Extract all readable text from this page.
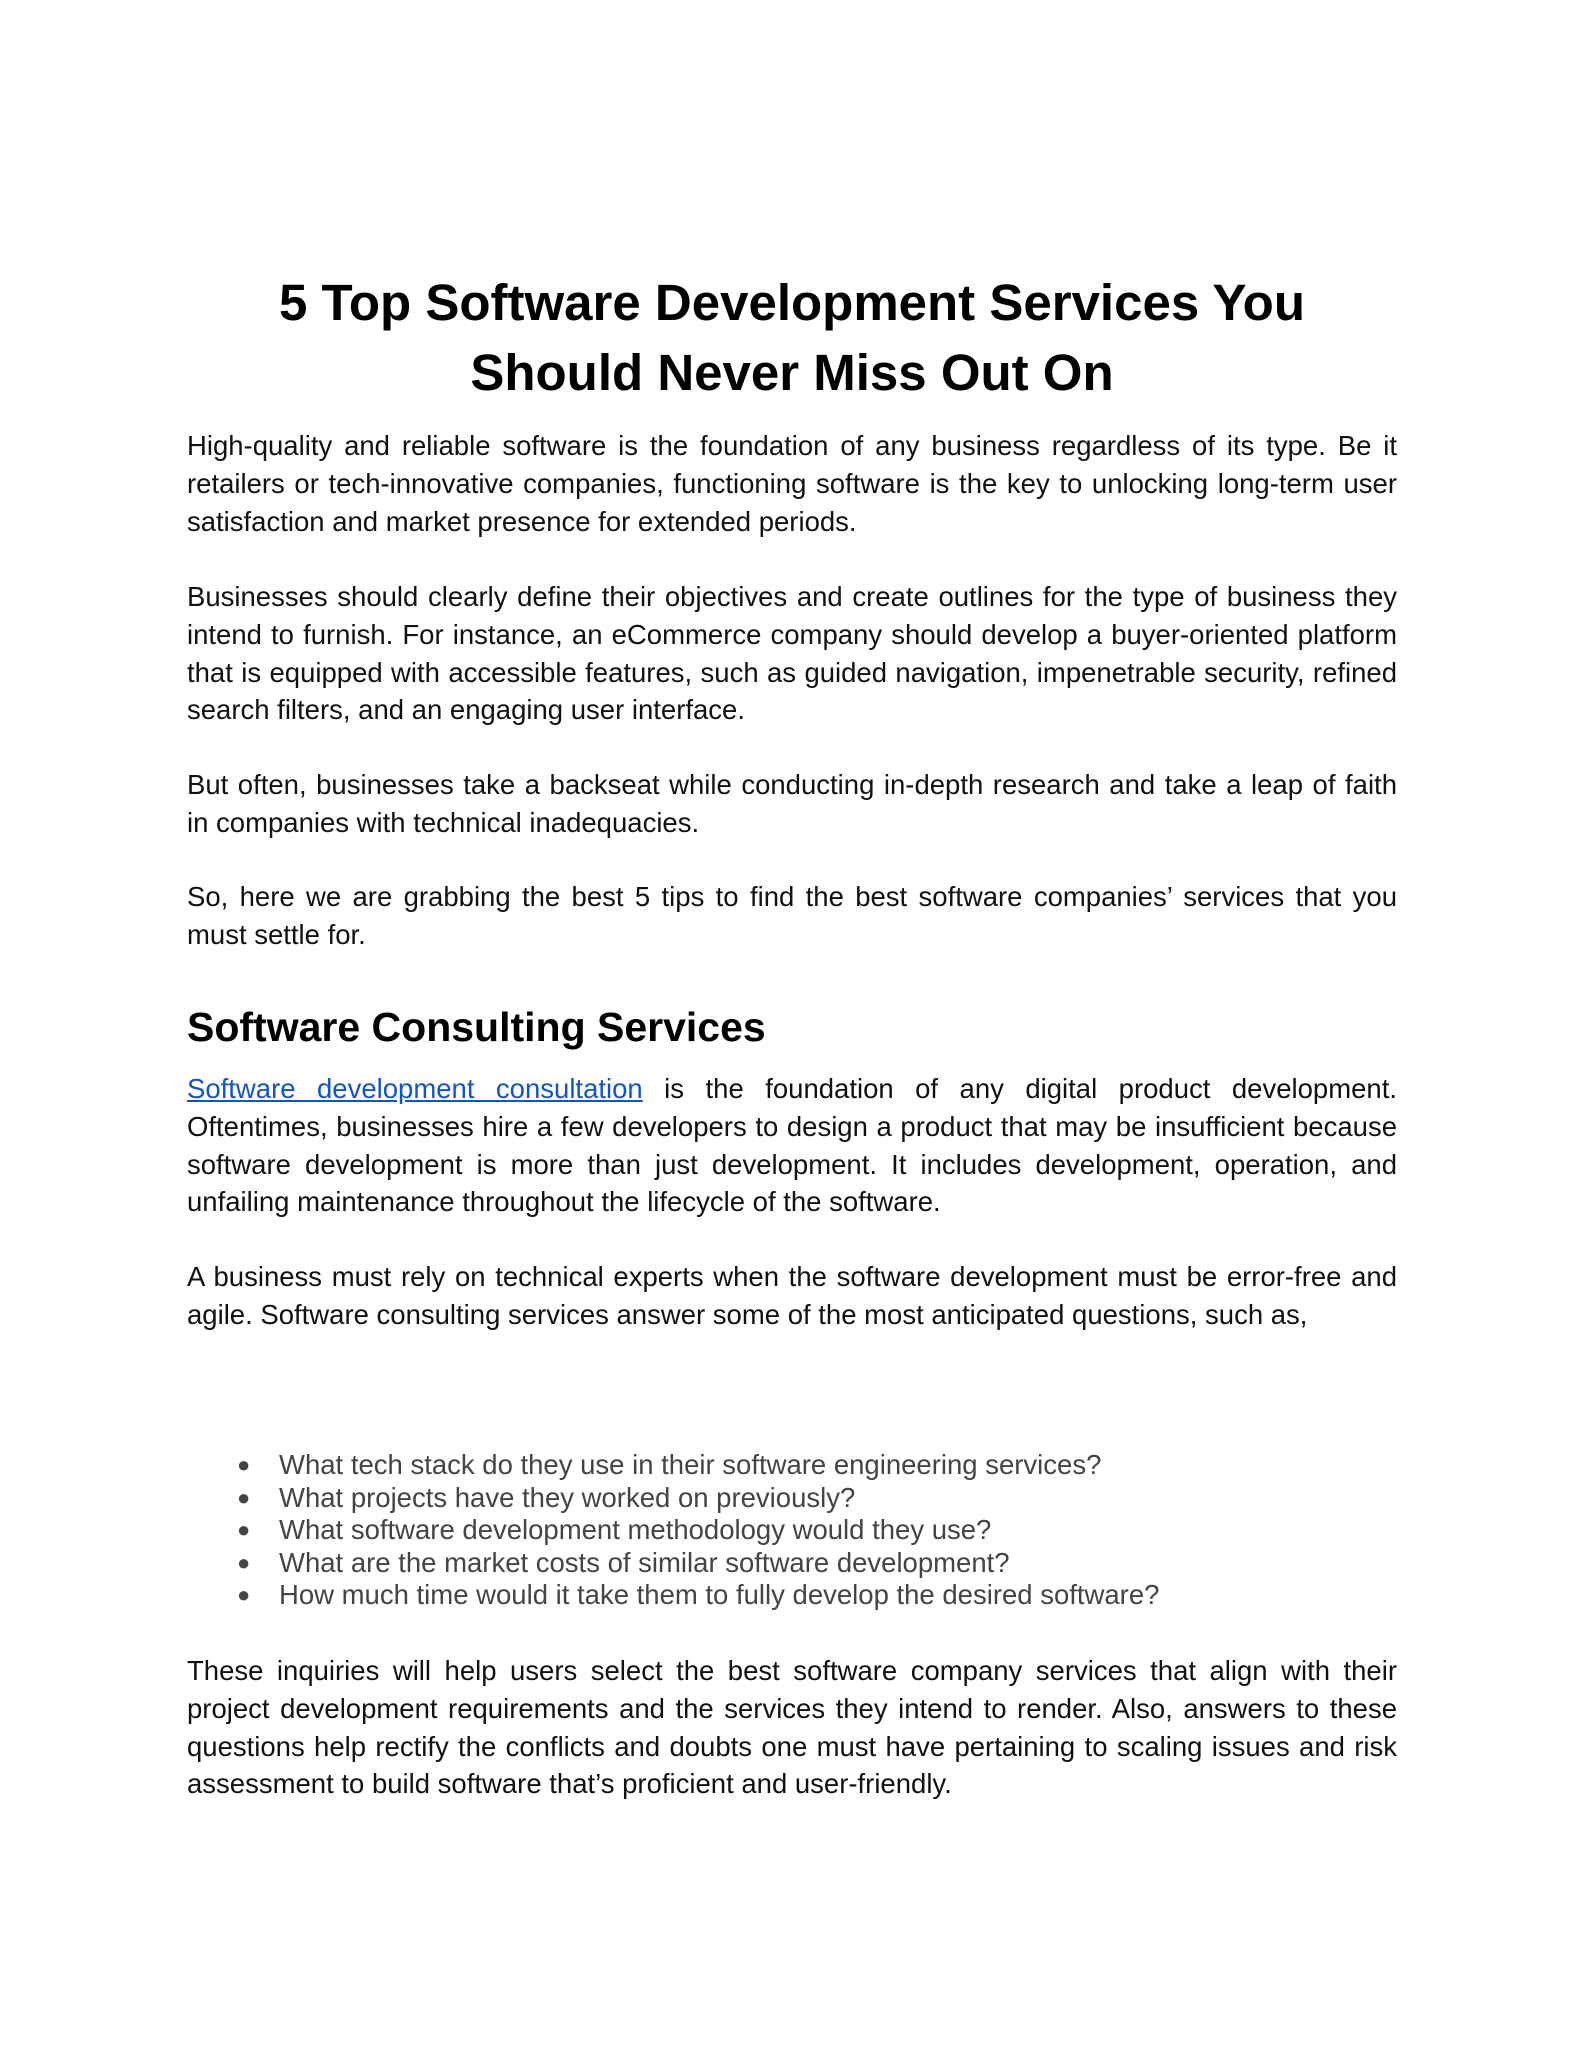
5 Top Software Development Services You Should Never Miss Out On

High-quality and reliable software is the foundation of any business regardless of its type. Be it retailers or tech-innovative companies, functioning software is the key to unlocking long-term user satisfaction and market presence for extended periods.

Businesses should clearly define their objectives and create outlines for the type of business they intend to furnish. For instance, an eCommerce company should develop a buyer-oriented platform that is equipped with accessible features, such as guided navigation, impenetrable security, refined search filters, and an engaging user interface.

But often, businesses take a backseat while conducting in-depth research and take a leap of faith in companies with technical inadequacies.

So, here we are grabbing the best 5 tips to find the best software companies’ services that you must settle for.

Software Consulting Services

Software development consultation is the foundation of any digital product development. Oftentimes, businesses hire a few developers to design a product that may be insufficient because software development is more than just development. It includes development, operation, and unfailing maintenance throughout the lifecycle of the software.

A business must rely on technical experts when the software development must be error-free and agile. Software consulting services answer some of the most anticipated questions, such as,

● What tech stack do they use in their software engineering services?
● What projects have they worked on previously?
● What software development methodology would they use?
● What are the market costs of similar software development?
● How much time would it take them to fully develop the desired software?

These inquiries will help users select the best software company services that align with their project development requirements and the services they intend to render. Also, answers to these questions help rectify the conflicts and doubts one must have pertaining to scaling issues and risk assessment to build software that’s proficient and user-friendly.
